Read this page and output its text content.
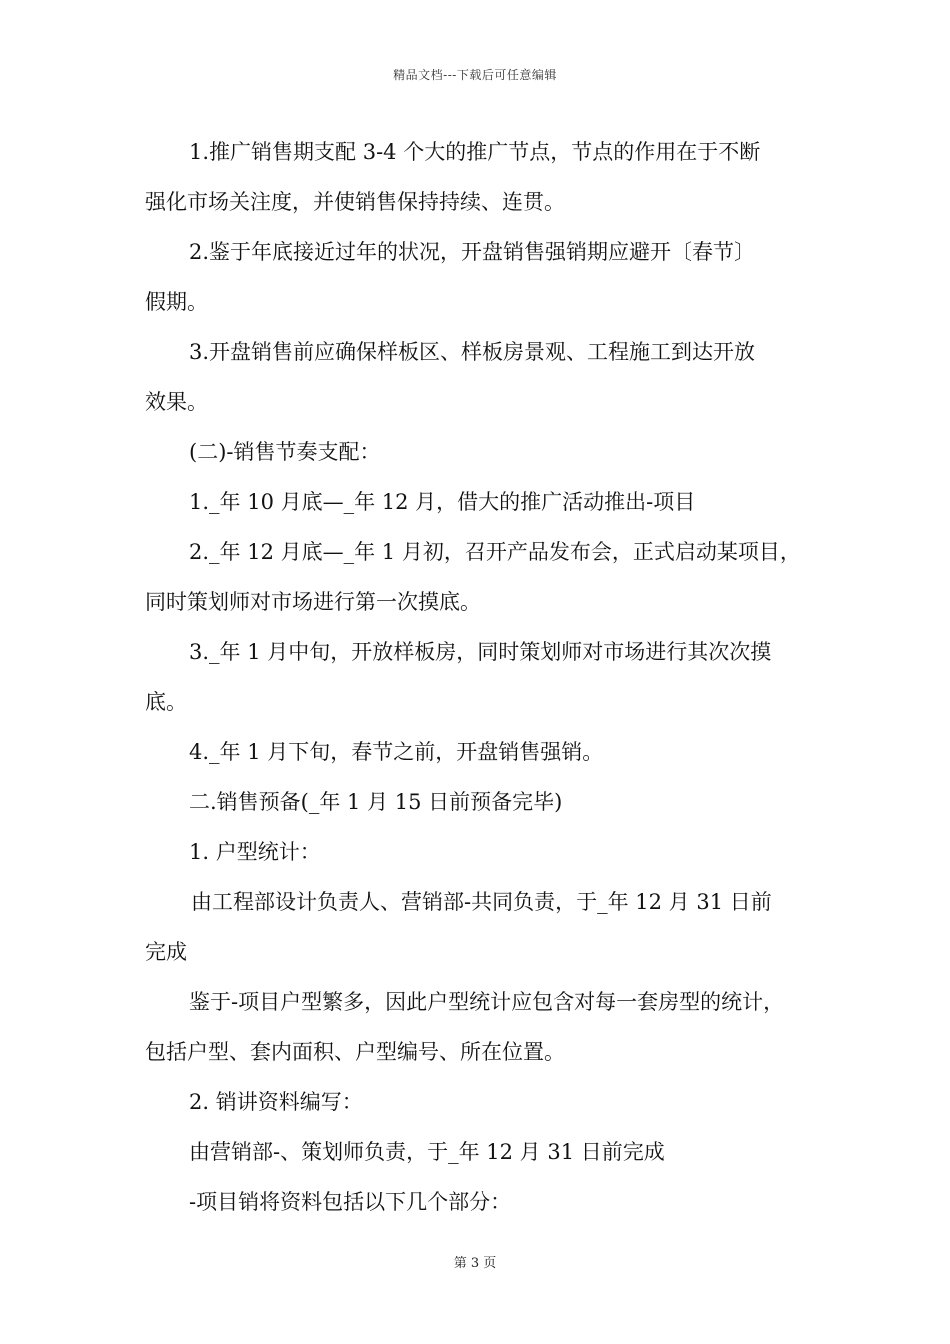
精品文档---下载后可任意编辑
1.推广销售期支配 3-4 个大的推广节点，节点的作用在于不断
强化市场关注度，并使销售保持持续、连贯。
2.鉴于年底接近过年的状况，开盘销售强销期应避开〔春节〕
假期。
3.开盘销售前应确保样板区、样板房景观、工程施工到达开放
效果。
(二)-销售节奏支配：
1._年 10 月底—_年 12 月，借大的推广活动推出-项目
2._年 12 月底—_年 1 月初，召开产品发布会，正式启动某项目，
同时策划师对市场进行第一次摸底。
3._年 1 月中旬，开放样板房，同时策划师对市场进行其次次摸
底。
4._年 1 月下旬，春节之前，开盘销售强销。
二.销售预备(_年 1 月 15 日前预备完毕)
1. 户型统计：
由工程部设计负责人、营销部-共同负责，于_年 12 月 31 日前
完成
鉴于-项目户型繁多，因此户型统计应包含对每一套房型的统计，
包括户型、套内面积、户型编号、所在位置。
2. 销讲资料编写：
由营销部-、策划师负责，于_年 12 月 31 日前完成
-项目销将资料包括以下几个部分：
第 3 页
